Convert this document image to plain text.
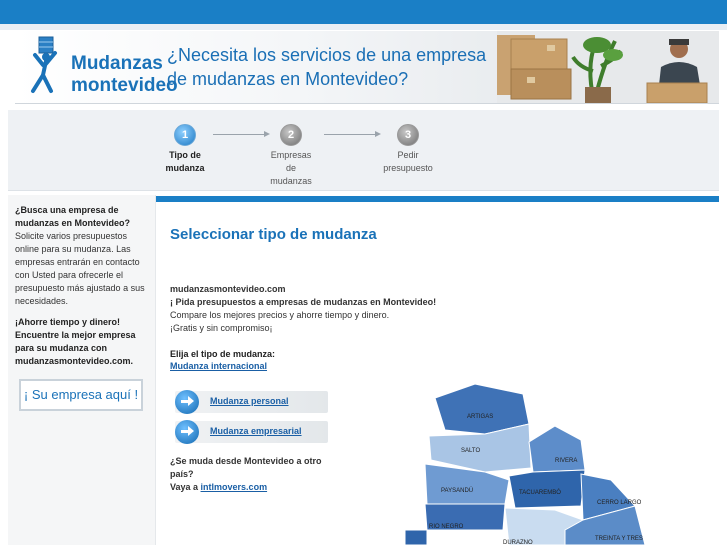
Mudanzas
montevideo
¿Necesita los servicios de una empresa de mudanzas en Montevideo?
1
Tipo de mudanza
2
Empresas de mudanzas
3
Pedir presupuesto
¿Busca una empresa de mudanzas en Montevideo? Solicite varios presupuestos online para su mudanza. Las empresas entrarán en contacto con Usted para ofrecerle el presupuesto más ajustado a sus necesidades.
¡Ahorre tiempo y dinero! Encuentre la mejor empresa para su mudanza con mudanzasmontevideo.com.
¡ Su empresa aquí !
Seleccionar tipo de mudanza
mudanzasmontevideo.com
¡ Pida presupuestos a empresas de mudanzas en Montevideo!
Compare los mejores precios y ahorre tiempo y dinero.
¡Gratis y sin compromiso¡
Elija el tipo de mudanza:
Mudanza internacional
Mudanza personal
Mudanza empresarial
¿Se muda desde Montevideo a otro país?
Vaya a intlmovers.com
ARTIGAS
SALTO
RIVERA
PAYSANDÚ	TACUAREMBÓ
CERRO LARGO
RIO NEGRO
DURAZNO
TREINTA Y TRES
